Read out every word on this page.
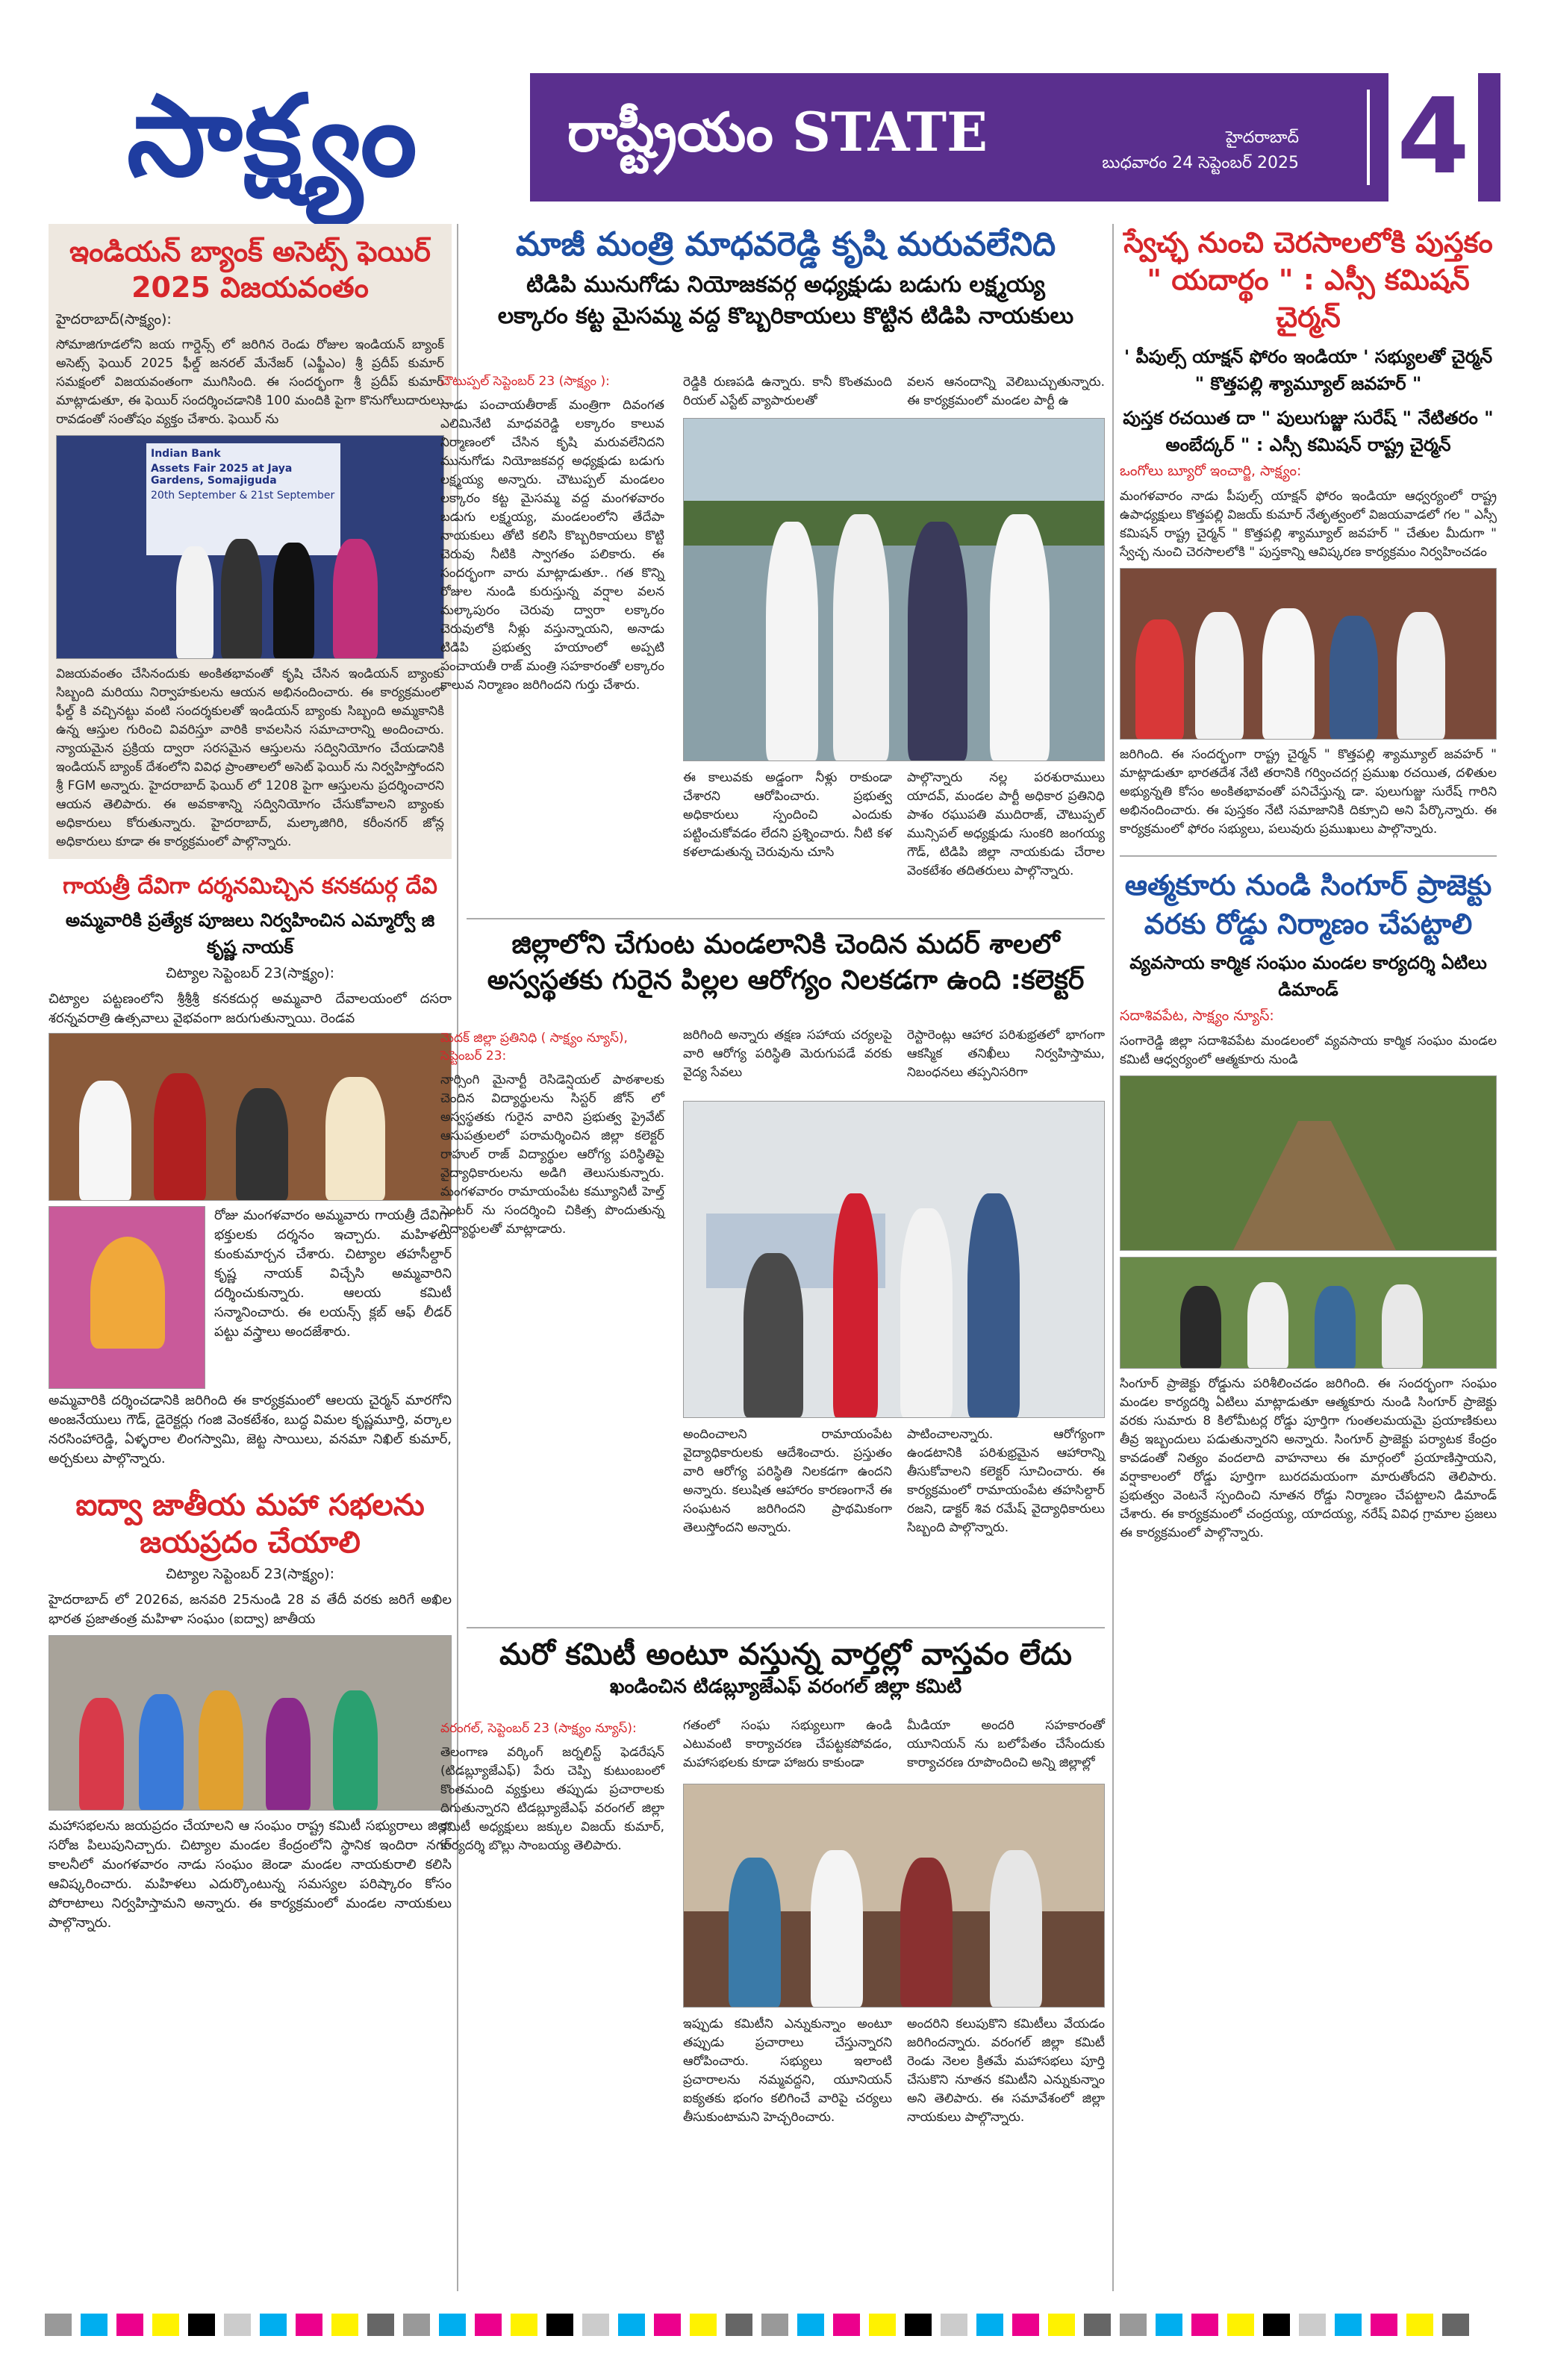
సాక్ష్యం	రాష్ట్రీయం STATE	హైదరాబాద్
బుధవారం 24 సెప్టెంబర్ 2025 4
ఇండియన్ బ్యాంక్ అసెట్స్ ఫెయిర్ 2025 విజయవంతం
హైదరాబాద్(సాక్ష్యం):
సోమాజిగూడలోని జయ గార్డెన్స్ లో జరిగిన రెండు రోజుల ఇండియన్ బ్యాంక్ అసెట్స్ ఫెయిర్ 2025 ఫీల్డ్ జనరల్ మేనేజర్ (ఎఫ్జీఎం) శ్రీ ప్రదీప్ కుమార్ సమక్షంలో విజయవంతంగా ముగిసింది. ఈ సందర్భంగా శ్రీ ప్రదీప్ కుమార్ మాట్లాడుతూ, ఈ ఫెయిర్ సందర్శించడానికి 100 మందికి పైగా కొనుగోలుదారులు రావడంతో సంతోషం వ్యక్తం చేశారు. ఫెయిర్ ను
Indian Bank
Assets Fair 2025 at Jaya Gardens, Somajiguda
20th September & 21st September
విజయవంతం చేసినందుకు అంకితభావంతో కృషి చేసిన ఇండియన్ బ్యాంకు సిబ్బంది మరియు నిర్వాహకులను ఆయన అభినందించారు. ఈ కార్యక్రమంలో ఫీల్డ్ కి వచ్చినట్టు వంటి సందర్శకులతో ఇండియన్ బ్యాంకు సిబ్బంది అమ్మకానికి ఉన్న ఆస్తుల గురించి వివరిస్తూ వారికి కావలసిన సమాచారాన్ని అందించారు. న్యాయమైన ప్రక్రియ ద్వారా సరసమైన ఆస్తులను సద్వినియోగం చేయడానికి ఇండియన్ బ్యాంక్ దేశంలోని వివిధ ప్రాంతాలలో అసెట్ ఫెయిర్ ను నిర్వహిస్తోందని శ్రీ FGM అన్నారు. హైదరాబాద్ ఫెయిర్ లో 1208 పైగా ఆస్తులను ప్రదర్శించారని ఆయన తెలిపారు. ఈ అవకాశాన్ని సద్వినియోగం చేసుకోవాలని బ్యాంకు అధికారులు కోరుతున్నారు. హైదరాబాద్, మల్కాజిగిరి, కరీంనగర్ జోన్ల అధికారులు కూడా ఈ కార్యక్రమంలో పాల్గొన్నారు.
గాయత్రీ దేవిగా దర్శనమిచ్చిన కనకదుర్గ దేవి
అమ్మవారికి ప్రత్యేక పూజలు నిర్వహించిన ఎమ్మార్వో జి కృష్ణ నాయక్
చిట్యాల సెప్టెంబర్ 23(సాక్ష్యం):
చిట్యాల పట్టణంలోని శ్రీశ్రీశ్రీ కనకదుర్గ అమ్మవారి దేవాలయంలో దసరా శరన్నవరాత్రి ఉత్సవాలు వైభవంగా జరుగుతున్నాయి. రెండవ
రోజు మంగళవారం అమ్మవారు గాయత్రీ దేవిగా భక్తులకు దర్శనం ఇచ్చారు. మహిళలు కుంకుమార్చన చేశారు. చిట్యాల తహసీల్దార్ కృష్ణ నాయక్ విచ్చేసి అమ్మవారిని దర్శించుకున్నారు. ఆలయ కమిటీ సన్మానించారు. ఈ లయన్స్ క్లబ్ ఆఫ్ లీడర్ పట్టు వస్త్రాలు అందజేశారు.
అమ్మవారికి దర్శించడానికి జరిగింది ఈ కార్యక్రమంలో ఆలయ చైర్మన్ మారగోని అంజనేయులు గౌడ్, డైరెక్టర్లు గంజి వెంకటేశం, బుద్ధ విమల కృష్ణమూర్తి, వర్కాల నరసింహారెడ్డి, ఏళ్ళరాల లింగస్వామి, జెట్ట సాయిలు, వనమా నిఖిల్ కుమార్, అర్చకులు పాల్గొన్నారు.
ఐద్వా జాతీయ మహా సభలను జయప్రదం చేయాలి
చిట్యాల సెప్టెంబర్ 23(సాక్ష్యం):
హైదరాబాద్ లో 2026వ, జనవరి 25నుండి 28 వ తేదీ వరకు జరిగే అఖిల భారత ప్రజాతంత్ర మహిళా సంఘం (ఐద్వా) జాతీయ
మహాసభలను జయప్రదం చేయాలని ఆ సంఘం రాష్ట్ర కమిటీ సభ్యురాలు జిల్లా సరోజ పిలుపునిచ్చారు. చిట్యాల మండల కేంద్రంలోని స్థానిక ఇందిరా నగర్ కాలనీలో మంగళవారం నాడు సంఘం జెండా మండల నాయకురాలి కలిసి ఆవిష్కరించారు. మహిళలు ఎదుర్కొంటున్న సమస్యల పరిష్కారం కోసం పోరాటాలు నిర్వహిస్తామని అన్నారు. ఈ కార్యక్రమంలో మండల నాయకులు పాల్గొన్నారు.
మాజీ మంత్రి మాధవరెడ్డి కృషి మరువలేనిది
టిడిపి మునుగోడు నియోజకవర్గ అధ్యక్షుడు బడుగు లక్ష్మయ్య
లక్కారం కట్ట మైసమ్మ వద్ద కొబ్బరికాయలు కొట్టిన టిడిపి నాయకులు
చౌటుప్పల్ సెప్టెంబర్ 23 (సాక్ష్యం ):
నాడు పంచాయతీరాజ్ మంత్రిగా దివంగత ఎలిమినేటి మాధవరెడ్డి లక్కారం కాలువ నిర్మాణంలో చేసిన కృషి మరువలేనిదని మునుగోడు నియోజకవర్గ అధ్యక్షుడు బడుగు లక్ష్మయ్య అన్నారు. చౌటుప్పల్ మండలం లక్కారం కట్ట మైసమ్మ వద్ద మంగళవారం బడుగు లక్ష్మయ్య, మండలంలోని తేదేపా నాయకులు తోటి కలిసి కొబ్బరికాయలు కొట్టి చెరువు నీటికి స్వాగతం పలికారు. ఈ సందర్భంగా వారు మాట్లాడుతూ.. గత కొన్ని రోజుల నుండి కురుస్తున్న వర్షాల వలన మల్కాపురం చెరువు ద్వారా లక్కారం చెరువులోకి నీళ్లు వస్తున్నాయని, అనాడు టిడిపి ప్రభుత్వ హయాంలో అప్పటి పంచాయతీ రాజ్ మంత్రి సహకారంతో లక్కారం కాలువ నిర్మాణం జరిగిందని గుర్తు చేశారు.
రెడ్డికి రుణపడి ఉన్నారు. కానీ కొంతమంది రియల్ ఎస్టేట్ వ్యాపారులతో
వలన ఆనందాన్ని వెలిబుచ్చుతున్నారు. ఈ కార్యక్రమంలో మండల పార్టీ ఉ
ఈ కాలువకు అడ్డంగా నీళ్లు రాకుండా చేశారని ఆరోపించారు. ప్రభుత్వ అధికారులు స్పందించి ఎందుకు పట్టించుకోవడం లేదని ప్రశ్నించారు. నీటి కళ కళలాడుతున్న చెరువును చూసి
పాల్గొన్నారు నల్ల పరశురాములు యాదవ్, మండల పార్టీ అధికార ప్రతినిధి పాశం రఘుపతి ముదిరాజ్, చౌటుప్పల్ మున్సిపల్ అధ్యక్షుడు సుంకరి జంగయ్య గౌడ్, టిడిపి జిల్లా నాయకుడు చేరాల వెంకటేశం తదితరులు పాల్గొన్నారు.
జిల్లాలోని చేగుంట మండలానికి చెందిన మదర్ శాలలో అస్వస్థతకు గురైన పిల్లల ఆరోగ్యం నిలకడగా ఉంది :కలెక్టర్
మెదక్ జిల్లా ప్రతినిధి ( సాక్ష్యం న్యూస్), సెప్టెంబర్ 23:
నార్సింగి మైనార్టీ రెసిడెన్షియల్ పాఠశాలకు చెందిన విద్యార్థులను సిస్టర్ జోన్ లో అస్వస్థతకు గురైన వారిని ప్రభుత్వ ప్రైవేట్ ఆసుపత్రులలో పరామర్శించిన జిల్లా కలెక్టర్ రాహుల్ రాజ్ విద్యార్థుల ఆరోగ్య పరిస్థితిపై వైద్యాధికారులను అడిగి తెలుసుకున్నారు. మంగళవారం రామాయంపేట కమ్యూనిటీ హెల్త్ సెంటర్ ను సందర్శించి చికిత్స పొందుతున్న విద్యార్థులతో మాట్లాడారు.
జరిగింది అన్నారు తక్షణ సహాయ చర్యలపై వారి ఆరోగ్య పరిస్థితి మెరుగుపడే వరకు వైద్య సేవలు
రెస్టారెంట్లు ఆహార పరిశుభ్రతలో భాగంగా ఆకస్మిక తనిఖీలు నిర్వహిస్తాము, నిబంధనలు తప్పనిసరిగా
అందించాలని రామాయంపేట వైద్యాధికారులకు ఆదేశించారు. ప్రస్తుతం వారి ఆరోగ్య పరిస్థితి నిలకడగా ఉందని అన్నారు. కలుషిత ఆహారం కారణంగానే ఈ సంఘటన జరిగిందని ప్రాథమికంగా తెలుస్తోందని అన్నారు.
పాటించాలన్నారు. ఆరోగ్యంగా ఉండటానికి పరిశుభ్రమైన ఆహారాన్ని తీసుకోవాలని కలెక్టర్ సూచించారు. ఈ కార్యక్రమంలో రామాయంపేట తహసిల్దార్ రజని, డాక్టర్ శివ రమేష్ వైద్యాధికారులు సిబ్బంది పాల్గొన్నారు.
మరో కమిటీ అంటూ వస్తున్న వార్తల్లో వాస్తవం లేదు
ఖండించిన టిడబ్ల్యూజేఎఫ్ వరంగల్ జిల్లా కమిటి
వరంగల్, సెప్టెంబర్ 23 (సాక్ష్యం న్యూస్):
తెలంగాణ వర్కింగ్ జర్నలిస్ట్ ఫెడరేషన్ (టిడబ్ల్యూజేఎఫ్) పేరు చెప్పి కుటుంబంలో కొంతమంది వ్యక్తులు తప్పుడు ప్రచారాలకు దిగుతున్నారని టిడబ్ల్యూజేఎఫ్ వరంగల్ జిల్లా కమిటీ అధ్యక్షులు జక్కుల విజయ్ కుమార్, కార్యదర్శి బొల్లు సాంబయ్య తెలిపారు.
గతంలో సంఘ సభ్యులుగా ఉండి ఎటువంటి కార్యాచరణ చేపట్టకపోవడం, మహాసభలకు కూడా హాజరు కాకుండా
మీడియా అందరి సహకారంతో యూనియన్ ను బలోపేతం చేసేందుకు కార్యాచరణ రూపొందించి అన్ని జిల్లాల్లో
ఇప్పుడు కమిటీని ఎన్నుకున్నాం అంటూ తప్పుడు ప్రచారాలు చేస్తున్నారని ఆరోపించారు. సభ్యులు ఇలాంటి ప్రచారాలను నమ్మవద్దని, యూనియన్ ఐక్యతకు భంగం కలిగించే వారిపై చర్యలు తీసుకుంటామని హెచ్చరించారు.
అందరిని కలుపుకొని కమిటీలు వేయడం జరిగిందన్నారు. వరంగల్ జిల్లా కమిటీ రెండు నెలల క్రితమే మహాసభలు పూర్తి చేసుకొని నూతన కమిటీని ఎన్నుకున్నాం అని తెలిపారు. ఈ సమావేశంలో జిల్లా నాయకులు పాల్గొన్నారు.
స్వేచ్ఛ నుంచి చెరసాలలోకి పుస్తకం " యదార్థం " : ఎస్సీ కమిషన్ చైర్మన్
' పీపుల్స్ యాక్షన్ ఫోరం ఇండియా ' సభ్యులతో చైర్మన్ " కొత్తపల్లి శ్యామ్యూల్ జవహర్ "
పుస్తక రచయిత దా " పులుగుజ్జు సురేష్ " నేటితరం " అంబేద్కర్ " : ఎస్సీ కమిషన్ రాష్ట్ర చైర్మన్
ఒంగోలు బ్యూరో ఇంచార్జి, సాక్ష్యం:
మంగళవారం నాడు పీపుల్స్ యాక్షన్ ఫోరం ఇండియా ఆధ్వర్యంలో రాష్ట్ర ఉపాధ్యక్షులు కొత్తపల్లి విజయ్ కుమార్ నేతృత్వంలో విజయవాడలో గల " ఎస్సీ కమిషన్ రాష్ట్ర చైర్మన్ " కొత్తపల్లి శ్యామ్యూల్ జవహర్ " చేతుల మీదుగా " స్వేచ్ఛ నుంచి చెరసాలలోకి " పుస్తకాన్ని ఆవిష్కరణ కార్యక్రమం నిర్వహించడం
జరిగింది. ఈ సందర్భంగా రాష్ట్ర చైర్మన్ " కొత్తపల్లి శ్యామ్యూల్ జవహర్ " మాట్లాడుతూ భారతదేశ నేటి తరానికి గర్వించదగ్గ ప్రముఖ రచయిత, దళితుల అభ్యున్నతి కోసం అంకితభావంతో పనిచేస్తున్న డా. పులుగుజ్జు సురేష్ గారిని అభినందించారు. ఈ పుస్తకం నేటి సమాజానికి దిక్సూచి అని పేర్కొన్నారు. ఈ కార్యక్రమంలో ఫోరం సభ్యులు, పలువురు ప్రముఖులు పాల్గొన్నారు.
ఆత్మకూరు నుండి సింగూర్ ప్రాజెక్టు వరకు రోడ్డు నిర్మాణం చేపట్టాలి
వ్యవసాయ కార్మిక సంఘం మండల కార్యదర్శి ఏటిలు డిమాండ్
సదాశివపేట, సాక్ష్యం న్యూస్:
సంగారెడ్డి జిల్లా సదాశివపేట మండలంలో వ్యవసాయ కార్మిక సంఘం మండల కమిటీ ఆధ్వర్యంలో ఆత్మకూరు నుండి
సింగూర్ ప్రాజెక్టు రోడ్డును పరిశీలించడం జరిగింది. ఈ సందర్భంగా సంఘం మండల కార్యదర్శి ఏటిలు మాట్లాడుతూ ఆత్మకూరు నుండి సింగూర్ ప్రాజెక్టు వరకు సుమారు 8 కిలోమీటర్ల రోడ్డు పూర్తిగా గుంతలమయమై ప్రయాణికులు తీవ్ర ఇబ్బందులు పడుతున్నారని అన్నారు. సింగూర్ ప్రాజెక్టు పర్యాటక కేంద్రం కావడంతో నిత్యం వందలాది వాహనాలు ఈ మార్గంలో ప్రయాణిస్తాయని, వర్షాకాలంలో రోడ్డు పూర్తిగా బురదమయంగా మారుతోందని తెలిపారు. ప్రభుత్వం వెంటనే స్పందించి నూతన రోడ్డు నిర్మాణం చేపట్టాలని డిమాండ్ చేశారు. ఈ కార్యక్రమంలో చంద్రయ్య, యాదయ్య, నరేష్ వివిధ గ్రామాల ప్రజలు ఈ కార్యక్రమంలో పాల్గొన్నారు.
